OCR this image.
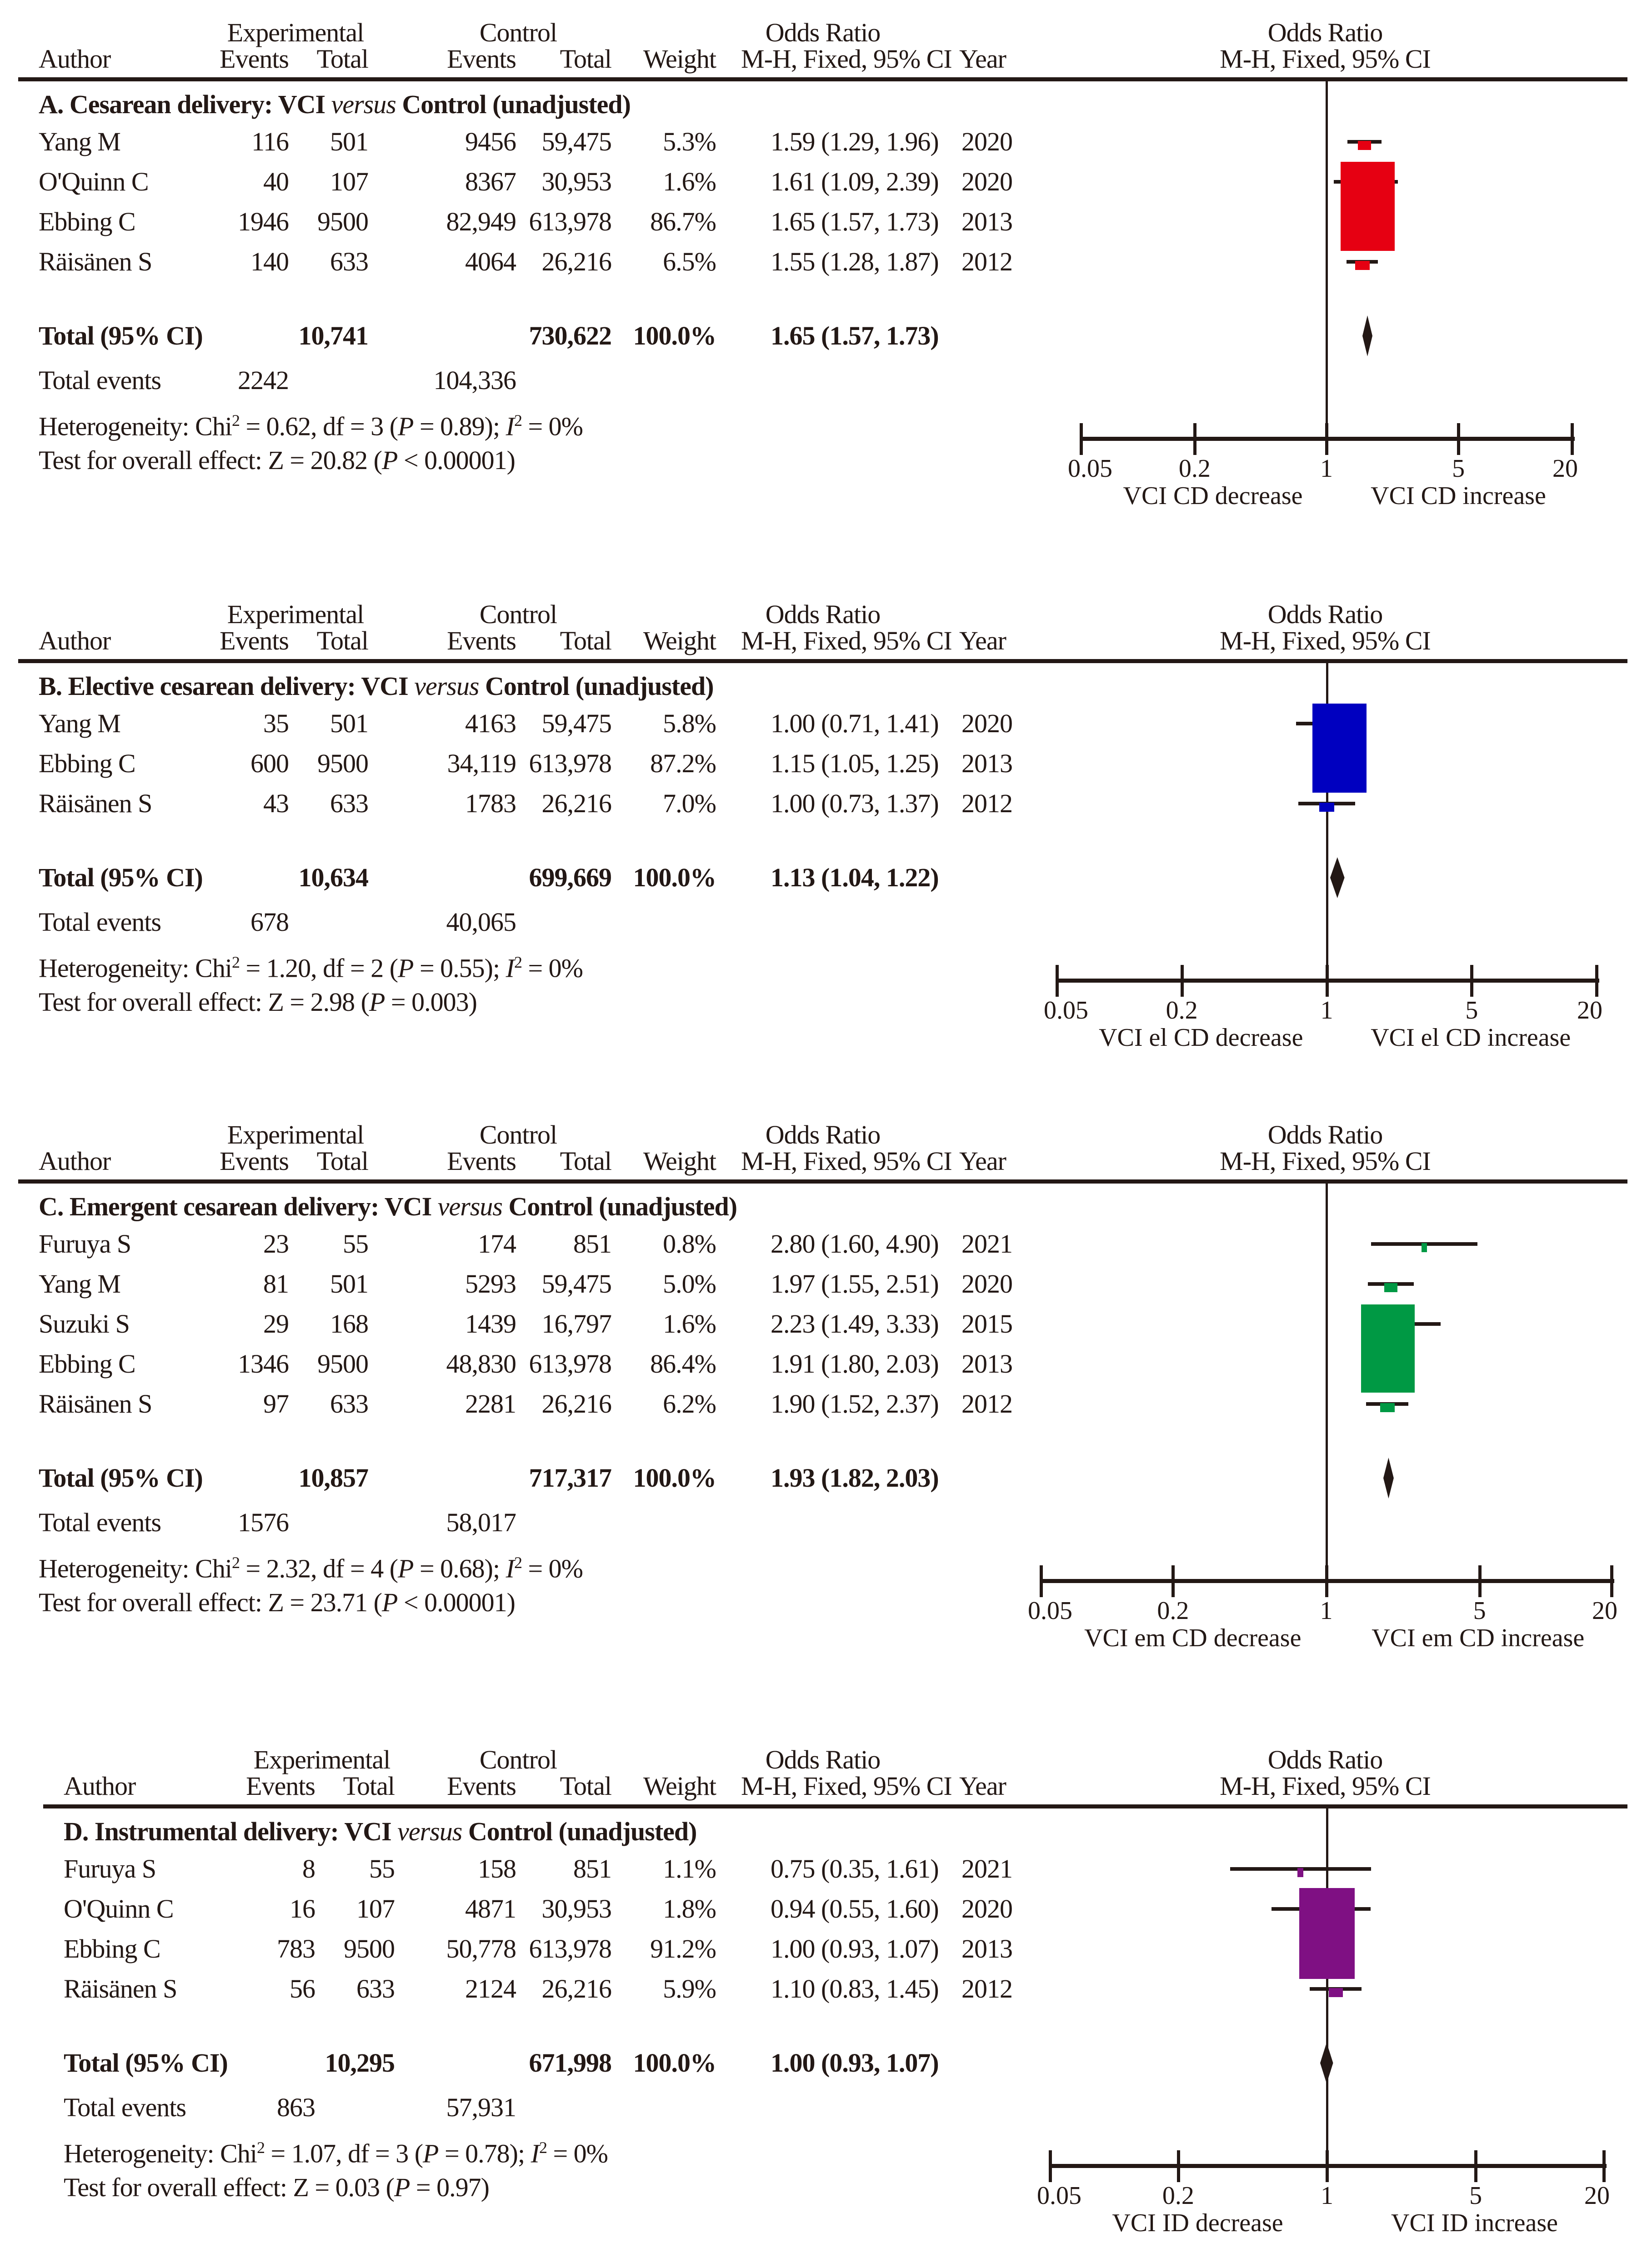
Experimental	Control	Odds Ratio	Odds Ratio
Author	Events	Total	Events	Total	Weight M-H, Fixed, 95% CI Year	M-H, Fixed, 95% CI
A. Cesarean delivery: VCI versus Control (unadjusted)
Yang M	116	501	9456 59,475	5.3% 1.59 (1.29, 1.96) 2020
O'Quinn C	40	107	8367 30,953	1.6% 1.61 (1.09, 2.39) 2020
Ebbing C	1946	9500	82,949 613,978	86.7% 1.65 (1.57, 1.73) 2013
Räisänen S	140	633	4064 26,216	6.5% 1.55 (1.28, 1.87) 2012
Total (95% CI)	10,741	730,622 100.0% 1.65 (1.57, 1.73)
Total events	2242	104,336
Heterogeneity: Chi$^2$ = 0.62, df = 3 (P = 0.89); $I^2 = 0\%$
Test for overall effect: Z = 20.82 (P < 0.00001)	0.05	0.2	1	5	20
VCI CD decrease	VCI CD increase
Experimental	Control	Odds Ratio	Odds Ratio
Author	Events	Total	Events	Total	Weight M-H, Fixed, 95% CI Year	M-H, Fixed, 95% CI
B. Elective cesarean delivery: VCI versus Control (unadjusted)
Yang M	35	501	4163 59,475	5.8% 1.00 (0.71, 1.41) 2020
Ebbing C	600	9500	34,119 613,978	87.2% 1.15 (1.05, 1.25) 2013
Räisänen S	43	633	1783 26,216	7.0% 1.00 (0.73, 1.37) 2012
Total (95% CI)	10,634	699,669 100.0% 1.13 (1.04, 1.22)
Total events	678	40,065
Heterogeneity: Chi$^2$ = 1.20, df = 2 (P = 0.55); $I^2 = 0\%$
Test for overall effect: Z = 2.98 (P = 0.003)	0.05	0.2	1	5	20
VCI el CD decrease	VCI el CD increase
Experimental	Control	Odds Ratio	Odds Ratio
Author	Events	Total	Events	Total	Weight M-H, Fixed, 95% CI Year	M-H, Fixed, 95% CI
C. Emergent cesarean delivery: VCI versus Control (unadjusted)
Furuya S	23	55	174	851	0.8% 2.80 (1.60, 4.90) 2021
Yang M	81	501	5293 59,475	5.0% 1.97 (1.55, 2.51) 2020
Suzuki S	29	168	1439 16,797	1.6% 2.23 (1.49, 3.33) 2015
Ebbing C	1346	9500	48,830 613,978	86.4% 1.91 (1.80, 2.03) 2013
Räisänen S	97	633	2281 26,216	6.2% 1.90 (1.52, 2.37) 2012
Total (95% CI)	10,857	717,317 100.0% 1.93 (1.82, 2.03)
Total events	1576	58,017
Heterogeneity: Chi$^2$ = 2.32, df = 4 (P = 0.68); $I^2 = 0\%$
Test for overall effect: Z = 23.71 (P < 0.00001)	0.05	0.2	1	5	20
VCI em CD decrease	VCI em CD increase
Experimental	Control	Odds Ratio	Odds Ratio
Author	Events	Total	Events	Total	Weight M-H, Fixed, 95% CI Year	M-H, Fixed, 95% CI
D. Instrumental delivery: VCI versus Control (unadjusted)
Furuya S	8	55	158	851	1.1% 0.75 (0.35, 1.61) 2021
O'Quinn C	16	107	4871 30,953	1.8% 0.94 (0.55, 1.60) 2020
Ebbing C	783	9500	50,778 613,978	91.2% 1.00 (0.93, 1.07) 2013
Räisänen S	56	633	2124 26,216	5.9% 1.10 (0.83, 1.45) 2012
Total (95% CI)	10,295	671,998 100.0% 1.00 (0.93, 1.07)
Total events	863	57,931
Heterogeneity: Chi$^2$ = 1.07, df = 3 (P = 0.78); $I^2 = 0\%$
Test for overall effect: Z = 0.03 (P = 0.97)	0.05	0.2	1	5	20
VCI ID decrease	VCI ID increase
